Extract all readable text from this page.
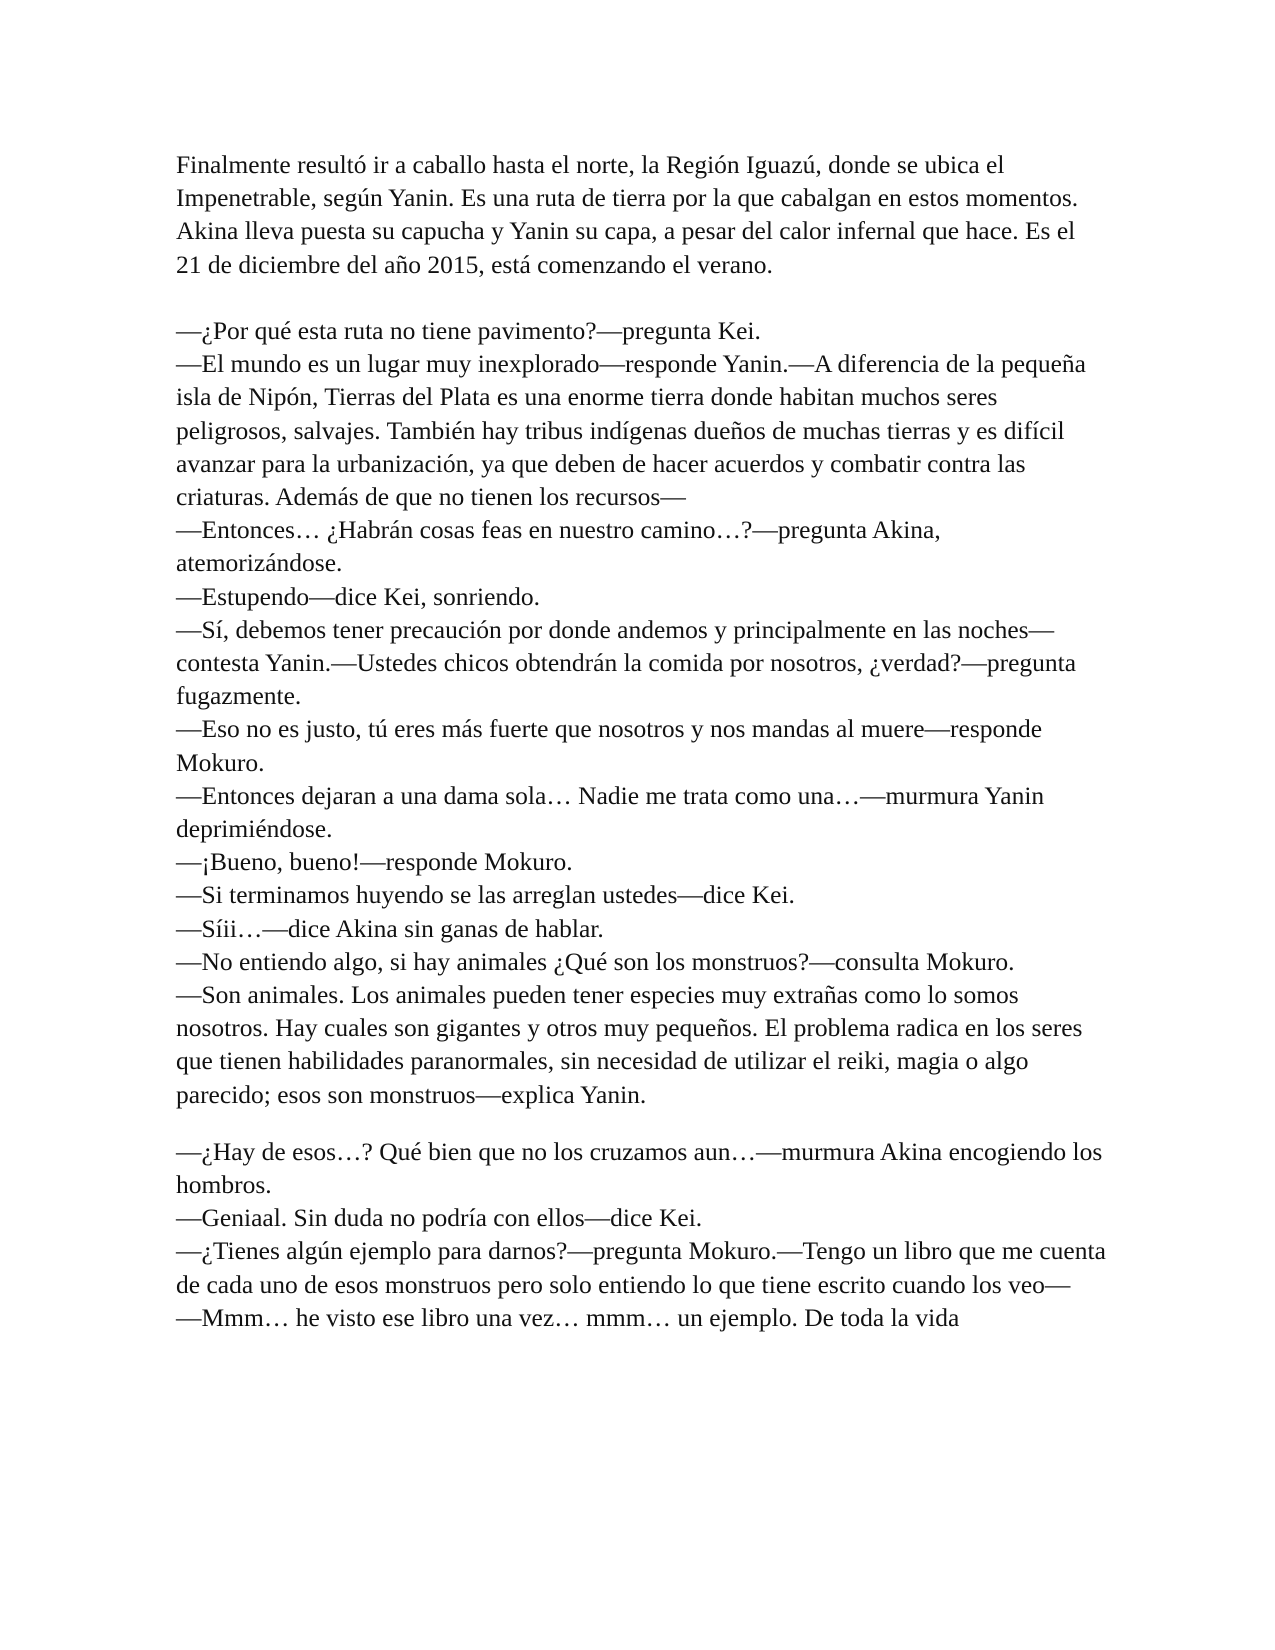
Finalmente resultó ir a caballo hasta el norte, la Región Iguazú, donde se ubica el Impenetrable, según Yanin. Es una ruta de tierra por la que cabalgan en estos momentos. Akina lleva puesta su capucha y Yanin su capa, a pesar del calor infernal que hace. Es el 21 de diciembre del año 2015, está comenzando el verano.

—¿Por qué esta ruta no tiene pavimento?—pregunta Kei.

—El mundo es un lugar muy inexplorado—responde Yanin.—A diferencia de la pequeña isla de Nipón, Tierras del Plata es una enorme tierra donde habitan muchos seres peligrosos, salvajes. También hay tribus indígenas dueños de muchas tierras y es difícil avanzar para la urbanización, ya que deben de hacer acuerdos y combatir contra las criaturas. Además de que no tienen los recursos—

—Entonces… ¿Habrán cosas feas en nuestro camino…?—pregunta Akina, atemorizándose.

—Estupendo—dice Kei, sonriendo.

—Sí, debemos tener precaución por donde andemos y principalmente en las noches—contesta Yanin.—Ustedes chicos obtendrán la comida por nosotros, ¿verdad?—pregunta fugazmente.

—Eso no es justo, tú eres más fuerte que nosotros y nos mandas al muere—responde Mokuro.

—Entonces dejaran a una dama sola… Nadie me trata como una…—murmura Yanin deprimiéndose.

—¡Bueno, bueno!—responde Mokuro.

—Si terminamos huyendo se las arreglan ustedes—dice Kei.

—Síii…—dice Akina sin ganas de hablar.

—No entiendo algo, si hay animales ¿Qué son los monstruos?—consulta Mokuro.

—Son animales. Los animales pueden tener especies muy extrañas como lo somos nosotros. Hay cuales son gigantes y otros muy pequeños. El problema radica en los seres que tienen habilidades paranormales, sin necesidad de utilizar el reiki, magia o algo parecido; esos son monstruos—explica Yanin.

—¿Hay de esos…? Qué bien que no los cruzamos aun…—murmura Akina encogiendo los hombros.

—Geniaal. Sin duda no podría con ellos—dice Kei.

—¿Tienes algún ejemplo para darnos?—pregunta Mokuro.—Tengo un libro que me cuenta de cada uno de esos monstruos pero solo entiendo lo que tiene escrito cuando los veo—

—Mmm… he visto ese libro una vez… mmm… un ejemplo. De toda la vida
